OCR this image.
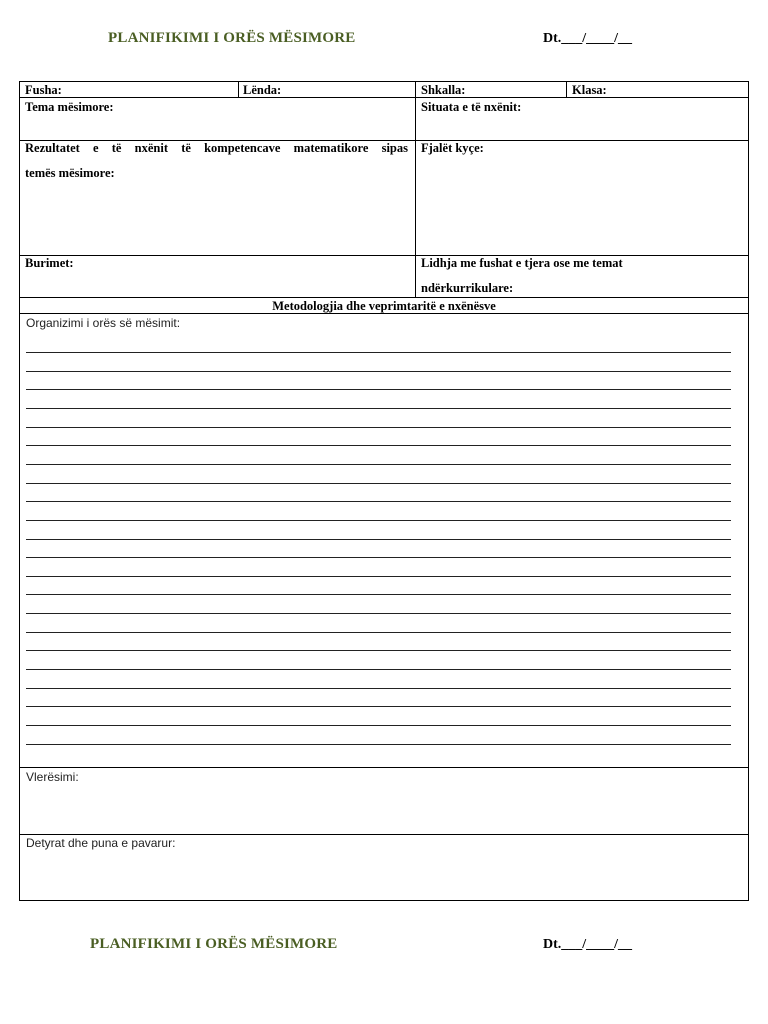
PLANIFIKIMI I ORËS MËSIMORE	Dt.___/____/__
Fusha:	Lënda:	Shkalla:	Klasa:
Tema mësimore:	Situata e të nxënit:
Rezultatet e të nxënit të kompetencave matematikore sipas
temës mësimore:
Fjalët kyçe:
Burimet:	Lidhja me fushat e tjera ose me temat
ndërkurrikulare:
Metodologjia dhe veprimtaritë e nxënësve
Organizimi i orës së mësimit:
Vlerësimi:
Detyrat dhe puna e pavarur:
PLANIFIKIMI I ORËS MËSIMORE	Dt.___/____/__
